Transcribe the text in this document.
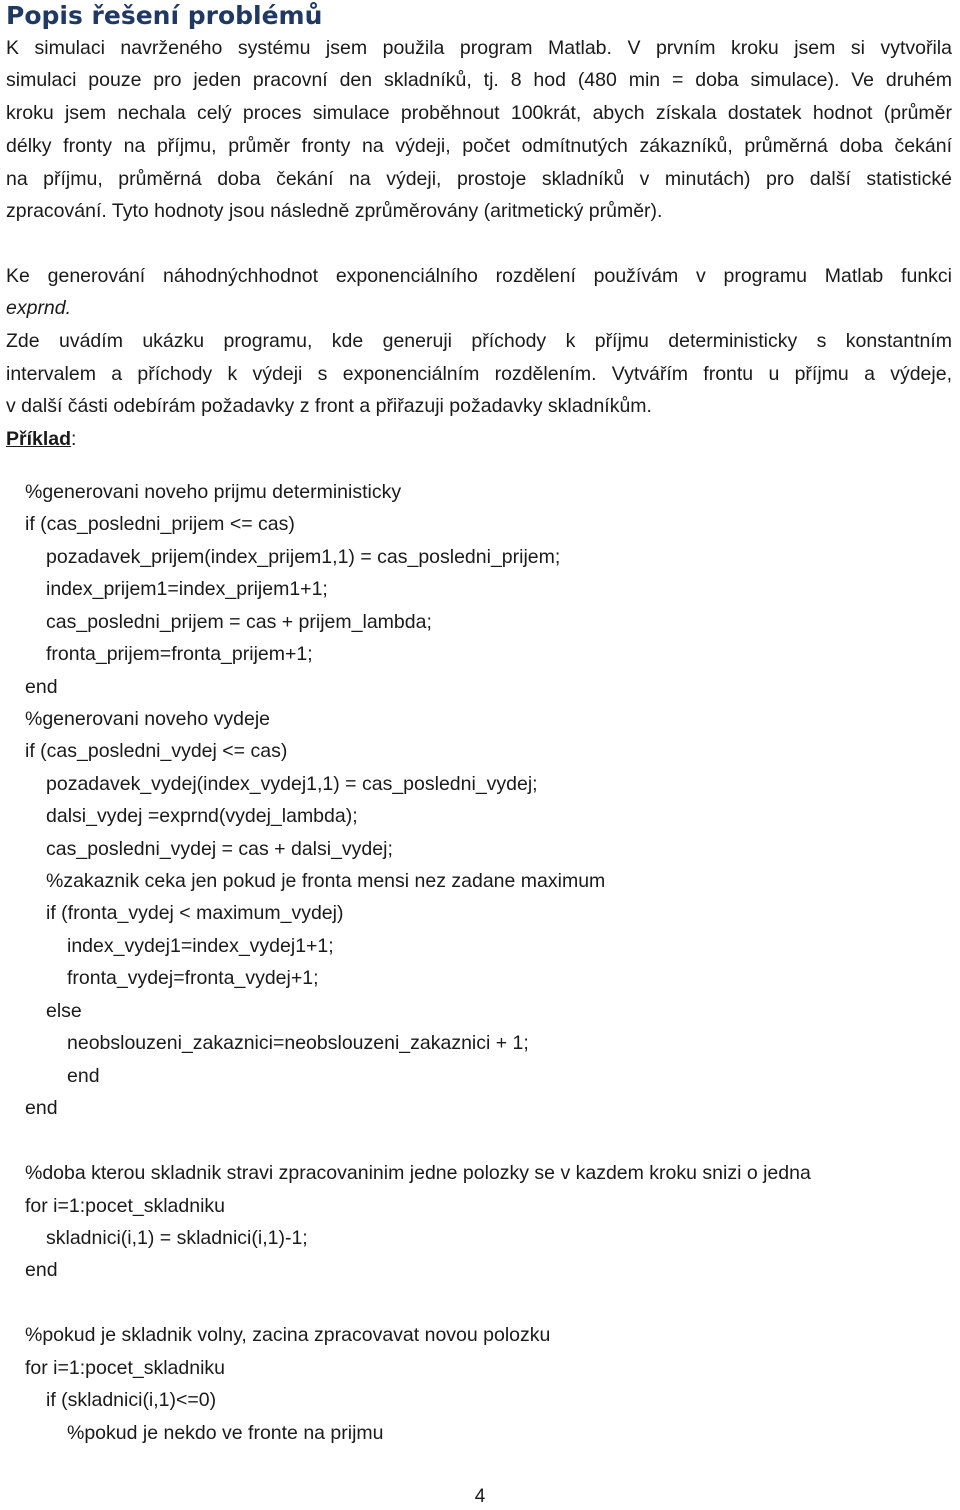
Popis řešení problémů
K simulaci navrženého systému jsem použila program Matlab. V prvním kroku jsem si vytvořila
simulaci pouze pro jeden pracovní den skladníků, tj. 8 hod (480 min = doba simulace). Ve druhém
kroku jsem nechala celý proces simulace proběhnout 100krát, abych získala dostatek hodnot (průměr
délky fronty na příjmu, průměr fronty na výdeji, počet odmítnutých zákazníků, průměrná doba čekání
na příjmu, průměrná doba čekání na výdeji, prostoje skladníků v minutách) pro další statistické
zpracování. Tyto hodnoty jsou následně zprůměrovány (aritmetický průměr).
Ke generování náhodnýchhodnot exponenciálního rozdělení používám v programu Matlab funkci
exprnd.
Zde uvádím ukázku programu, kde generuji příchody k příjmu deterministicky s konstantním
intervalem a příchody k výdeji s exponenciálním rozdělením. Vytvářím frontu u příjmu a výdeje,
v další části odebírám požadavky z front a přiřazuji požadavky skladníkům.
Příklad:
%generovani noveho prijmu deterministicky
if (cas_posledni_prijem <= cas)
pozadavek_prijem(index_prijem1,1) = cas_posledni_prijem;
index_prijem1=index_prijem1+1;
cas_posledni_prijem = cas + prijem_lambda;
fronta_prijem=fronta_prijem+1;
end
%generovani noveho vydeje
if (cas_posledni_vydej <= cas)
pozadavek_vydej(index_vydej1,1) = cas_posledni_vydej;
dalsi_vydej =exprnd(vydej_lambda);
cas_posledni_vydej = cas + dalsi_vydej;
%zakaznik ceka jen pokud je fronta mensi nez zadane maximum
if (fronta_vydej < maximum_vydej)
index_vydej1=index_vydej1+1;
fronta_vydej=fronta_vydej+1;
else
neobslouzeni_zakaznici=neobslouzeni_zakaznici + 1;
end
end
%doba kterou skladnik stravi zpracovaninim jedne polozky se v kazdem kroku snizi o jedna
for i=1:pocet_skladniku
skladnici(i,1) = skladnici(i,1)-1;
end
%pokud je skladnik volny, zacina zpracovavat novou polozku
for i=1:pocet_skladniku
if (skladnici(i,1)<=0)
%pokud je nekdo ve fronte na prijmu
4
